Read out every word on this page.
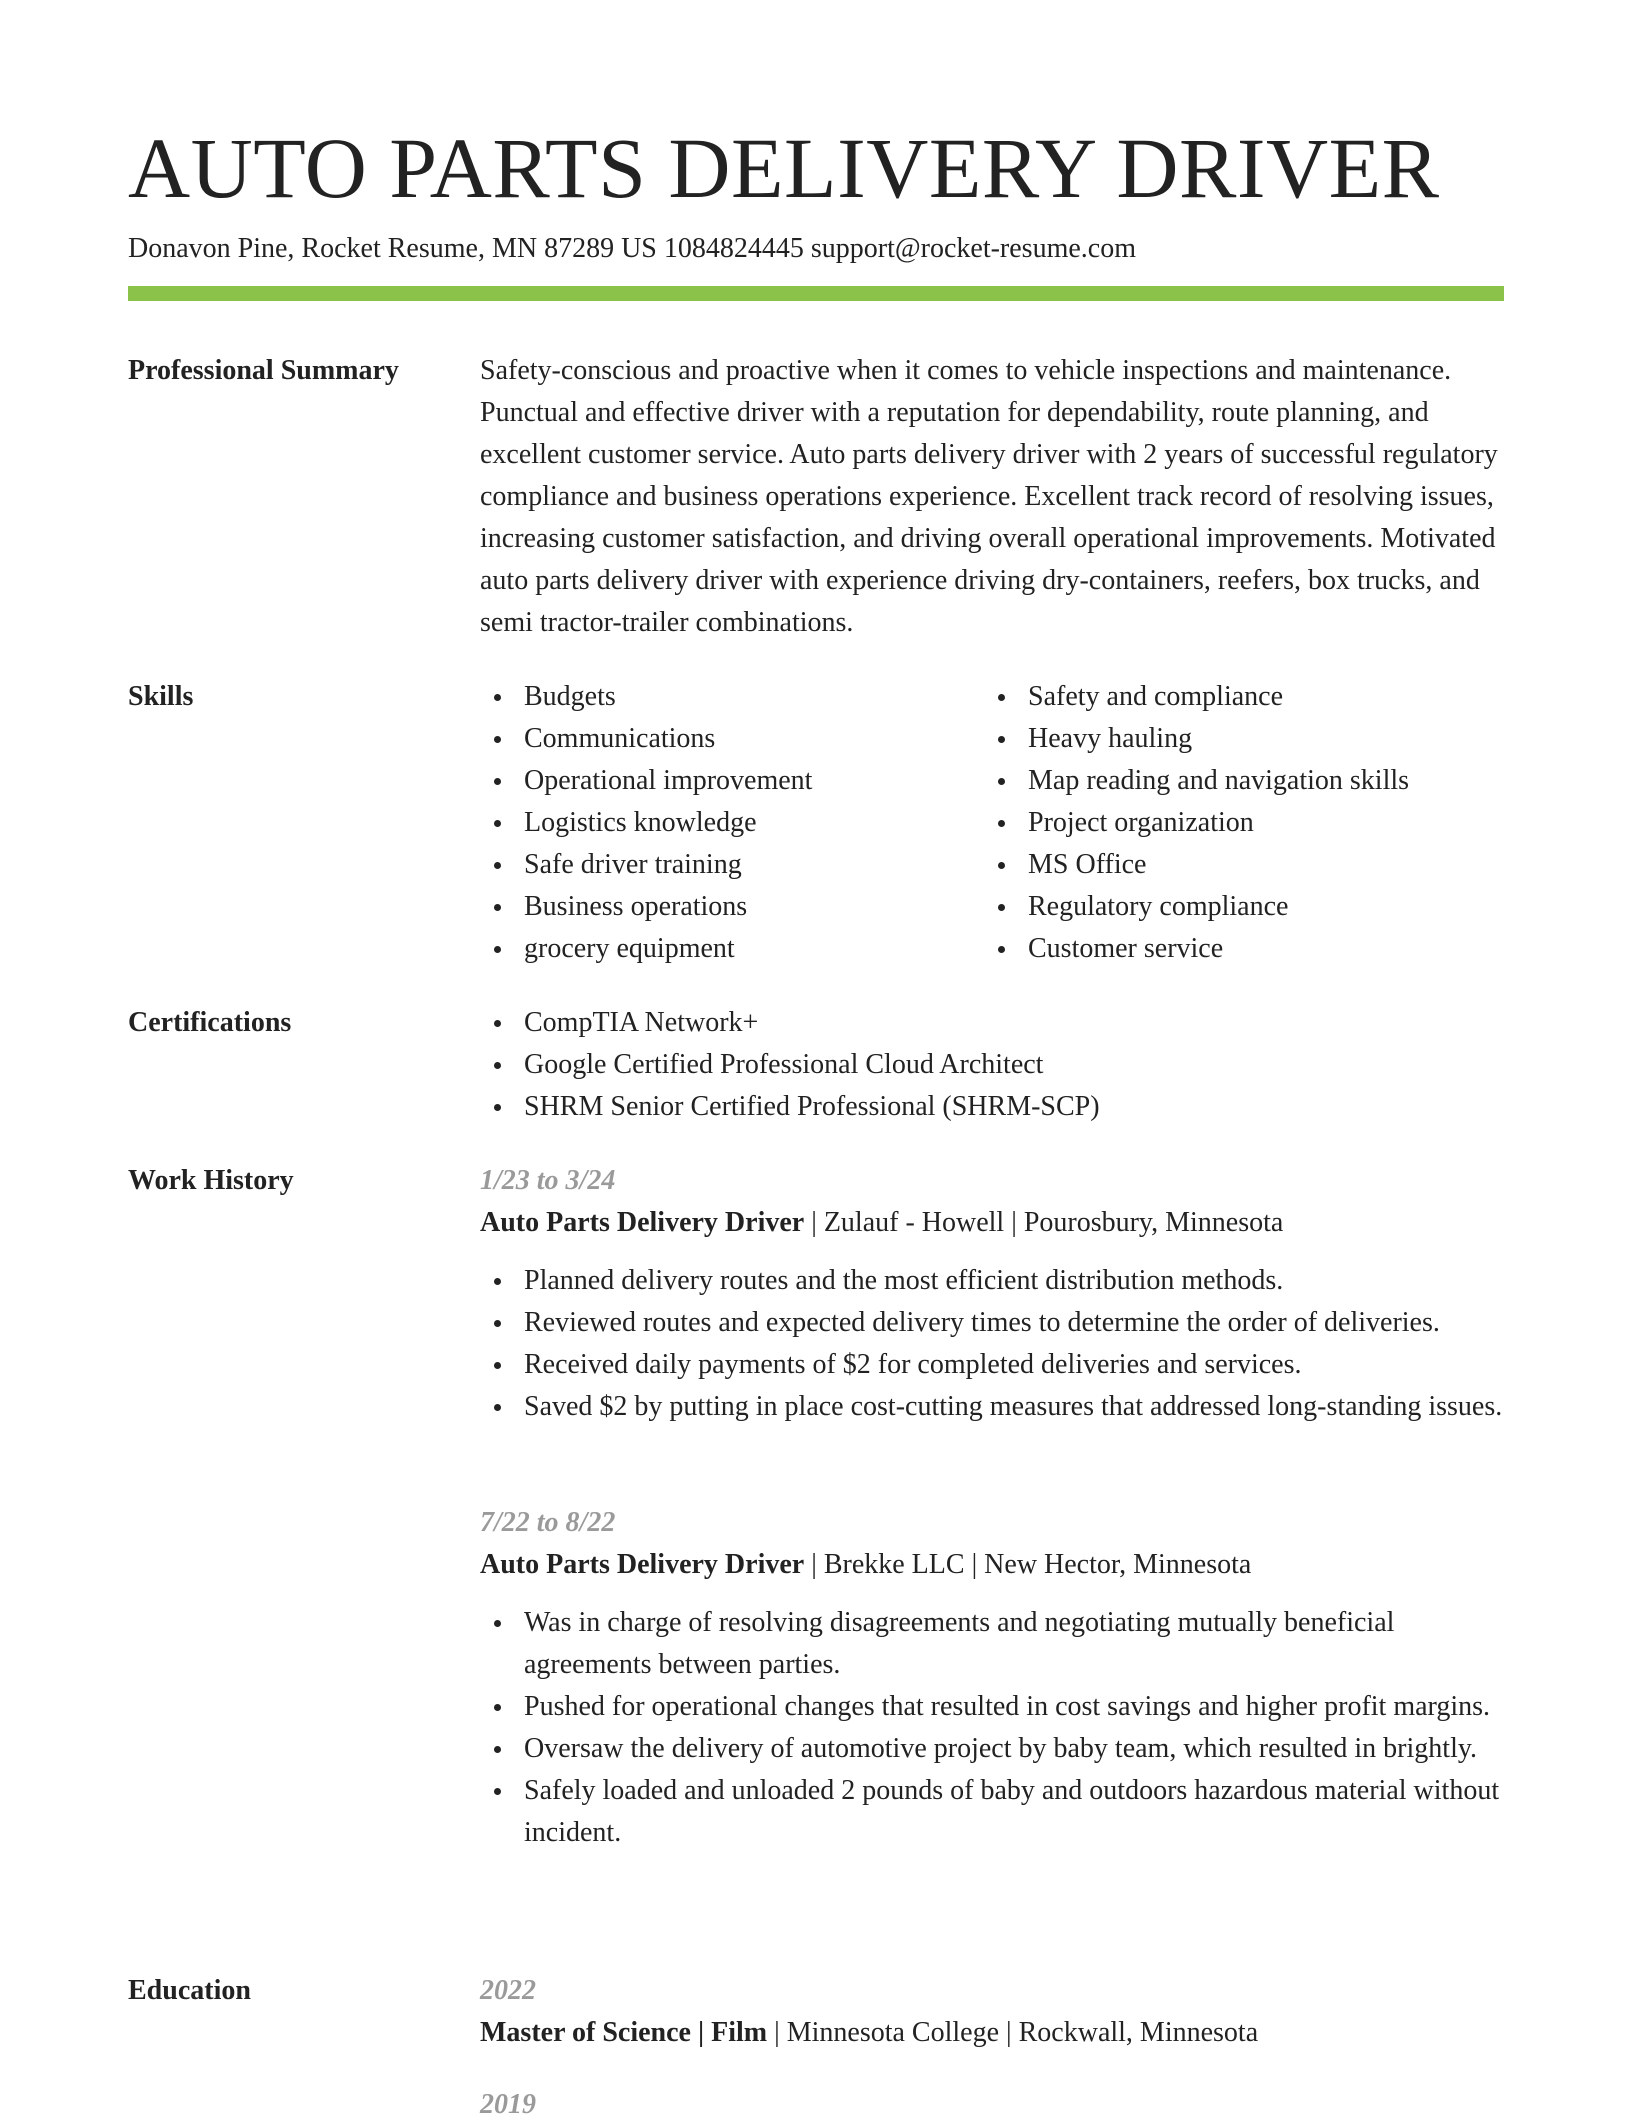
AUTO PARTS DELIVERY DRIVER
Donavon Pine, Rocket Resume, MN 87289 US 1084824445 support@rocket-resume.com
Professional Summary	Safety-conscious and proactive when it comes to vehicle inspections and maintenance. Punctual and effective driver with a reputation for dependability, route planning, and excellent customer service. Auto parts delivery driver with 2 years of successful regulatory compliance and business operations experience. Excellent track record of resolving issues, increasing customer satisfaction, and driving overall operational improvements. Motivated auto parts delivery driver with experience driving dry-containers, reefers, box trucks, and semi tractor-trailer combinations.
Skills	Budgets
Communications
Operational improvement
Logistics knowledge
Safe driver training
Business operations
grocery equipment
Safety and compliance
Heavy hauling
Map reading and navigation skills
Project organization
MS Office
Regulatory compliance
Customer service
Certifications	CompTIA Network+
Google Certified Professional Cloud Architect
SHRM Senior Certified Professional (SHRM-SCP)
Work History	1/23 to 3/24
Auto Parts Delivery Driver | Zulauf - Howell | Pourosbury, Minnesota
Planned delivery routes and the most efficient distribution methods.
Reviewed routes and expected delivery times to determine the order of deliveries.
Received daily payments of $2 for completed deliveries and services.
Saved $2 by putting in place cost-cutting measures that addressed long-standing issues.
7/22 to 8/22
Auto Parts Delivery Driver | Brekke LLC | New Hector, Minnesota
Was in charge of resolving disagreements and negotiating mutually beneficial agreements between parties.
Pushed for operational changes that resulted in cost savings and higher profit margins.
Oversaw the delivery of automotive project by baby team, which resulted in brightly.
Safely loaded and unloaded 2 pounds of baby and outdoors hazardous material without incident.
Education	2022
Master of Science | Film | Minnesota College | Rockwall, Minnesota
2019
